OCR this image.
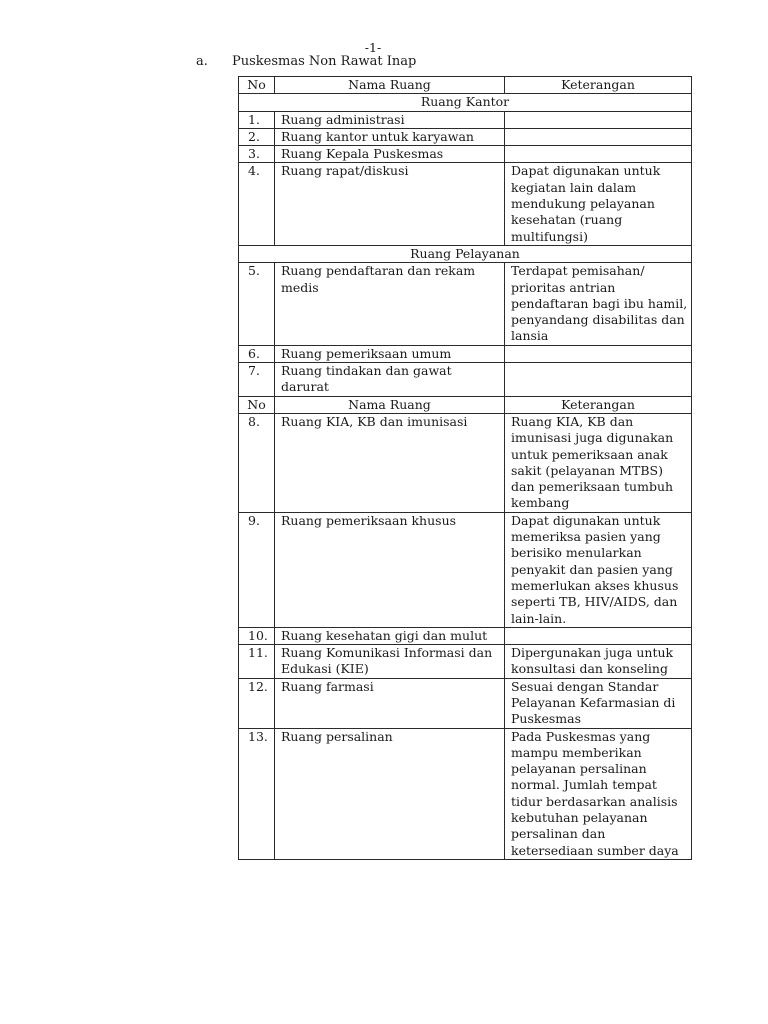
-1-
a. Puskesmas Non Rawat Inap
No	Nama Ruang	Keterangan
Ruang Kantor		
1.	Ruang administrasi	
2.	Ruang kantor untuk karyawan	
3.	Ruang Kepala Puskesmas	
4.	Ruang rapat/diskusi	Dapat digunakan untuk kegiatan lain dalam mendukung pelayanan kesehatan (ruang multifungsi)
Ruang Pelayanan		
5.	Ruang pendaftaran dan rekam medis	Terdapat pemisahan/ prioritas antrian pendaftaran bagi ibu hamil, penyandang disabilitas dan lansia
6.	Ruang pemeriksaan umum	
7.	Ruang tindakan dan gawat darurat	
No	Nama Ruang	Keterangan
8.	Ruang KIA, KB dan imunisasi	Ruang KIA, KB dan imunisasi juga digunakan untuk pemeriksaan anak sakit (pelayanan MTBS) dan pemeriksaan tumbuh kembang
9.	Ruang pemeriksaan khusus	Dapat digunakan untuk memeriksa pasien yang berisiko menularkan penyakit dan pasien yang memerlukan akses khusus seperti TB, HIV/AIDS, dan lain-lain.
10.	Ruang kesehatan gigi dan mulut	
11.	Ruang Komunikasi Informasi dan Edukasi (KIE)	Dipergunakan juga untuk konsultasi dan konseling
12.	Ruang farmasi	Sesuai dengan Standar Pelayanan Kefarmasian di Puskesmas
13.	Ruang persalinan	Pada Puskesmas yang mampu memberikan pelayanan persalinan normal. Jumlah tempat tidur berdasarkan analisis kebutuhan pelayanan persalinan dan ketersediaan sumber daya
